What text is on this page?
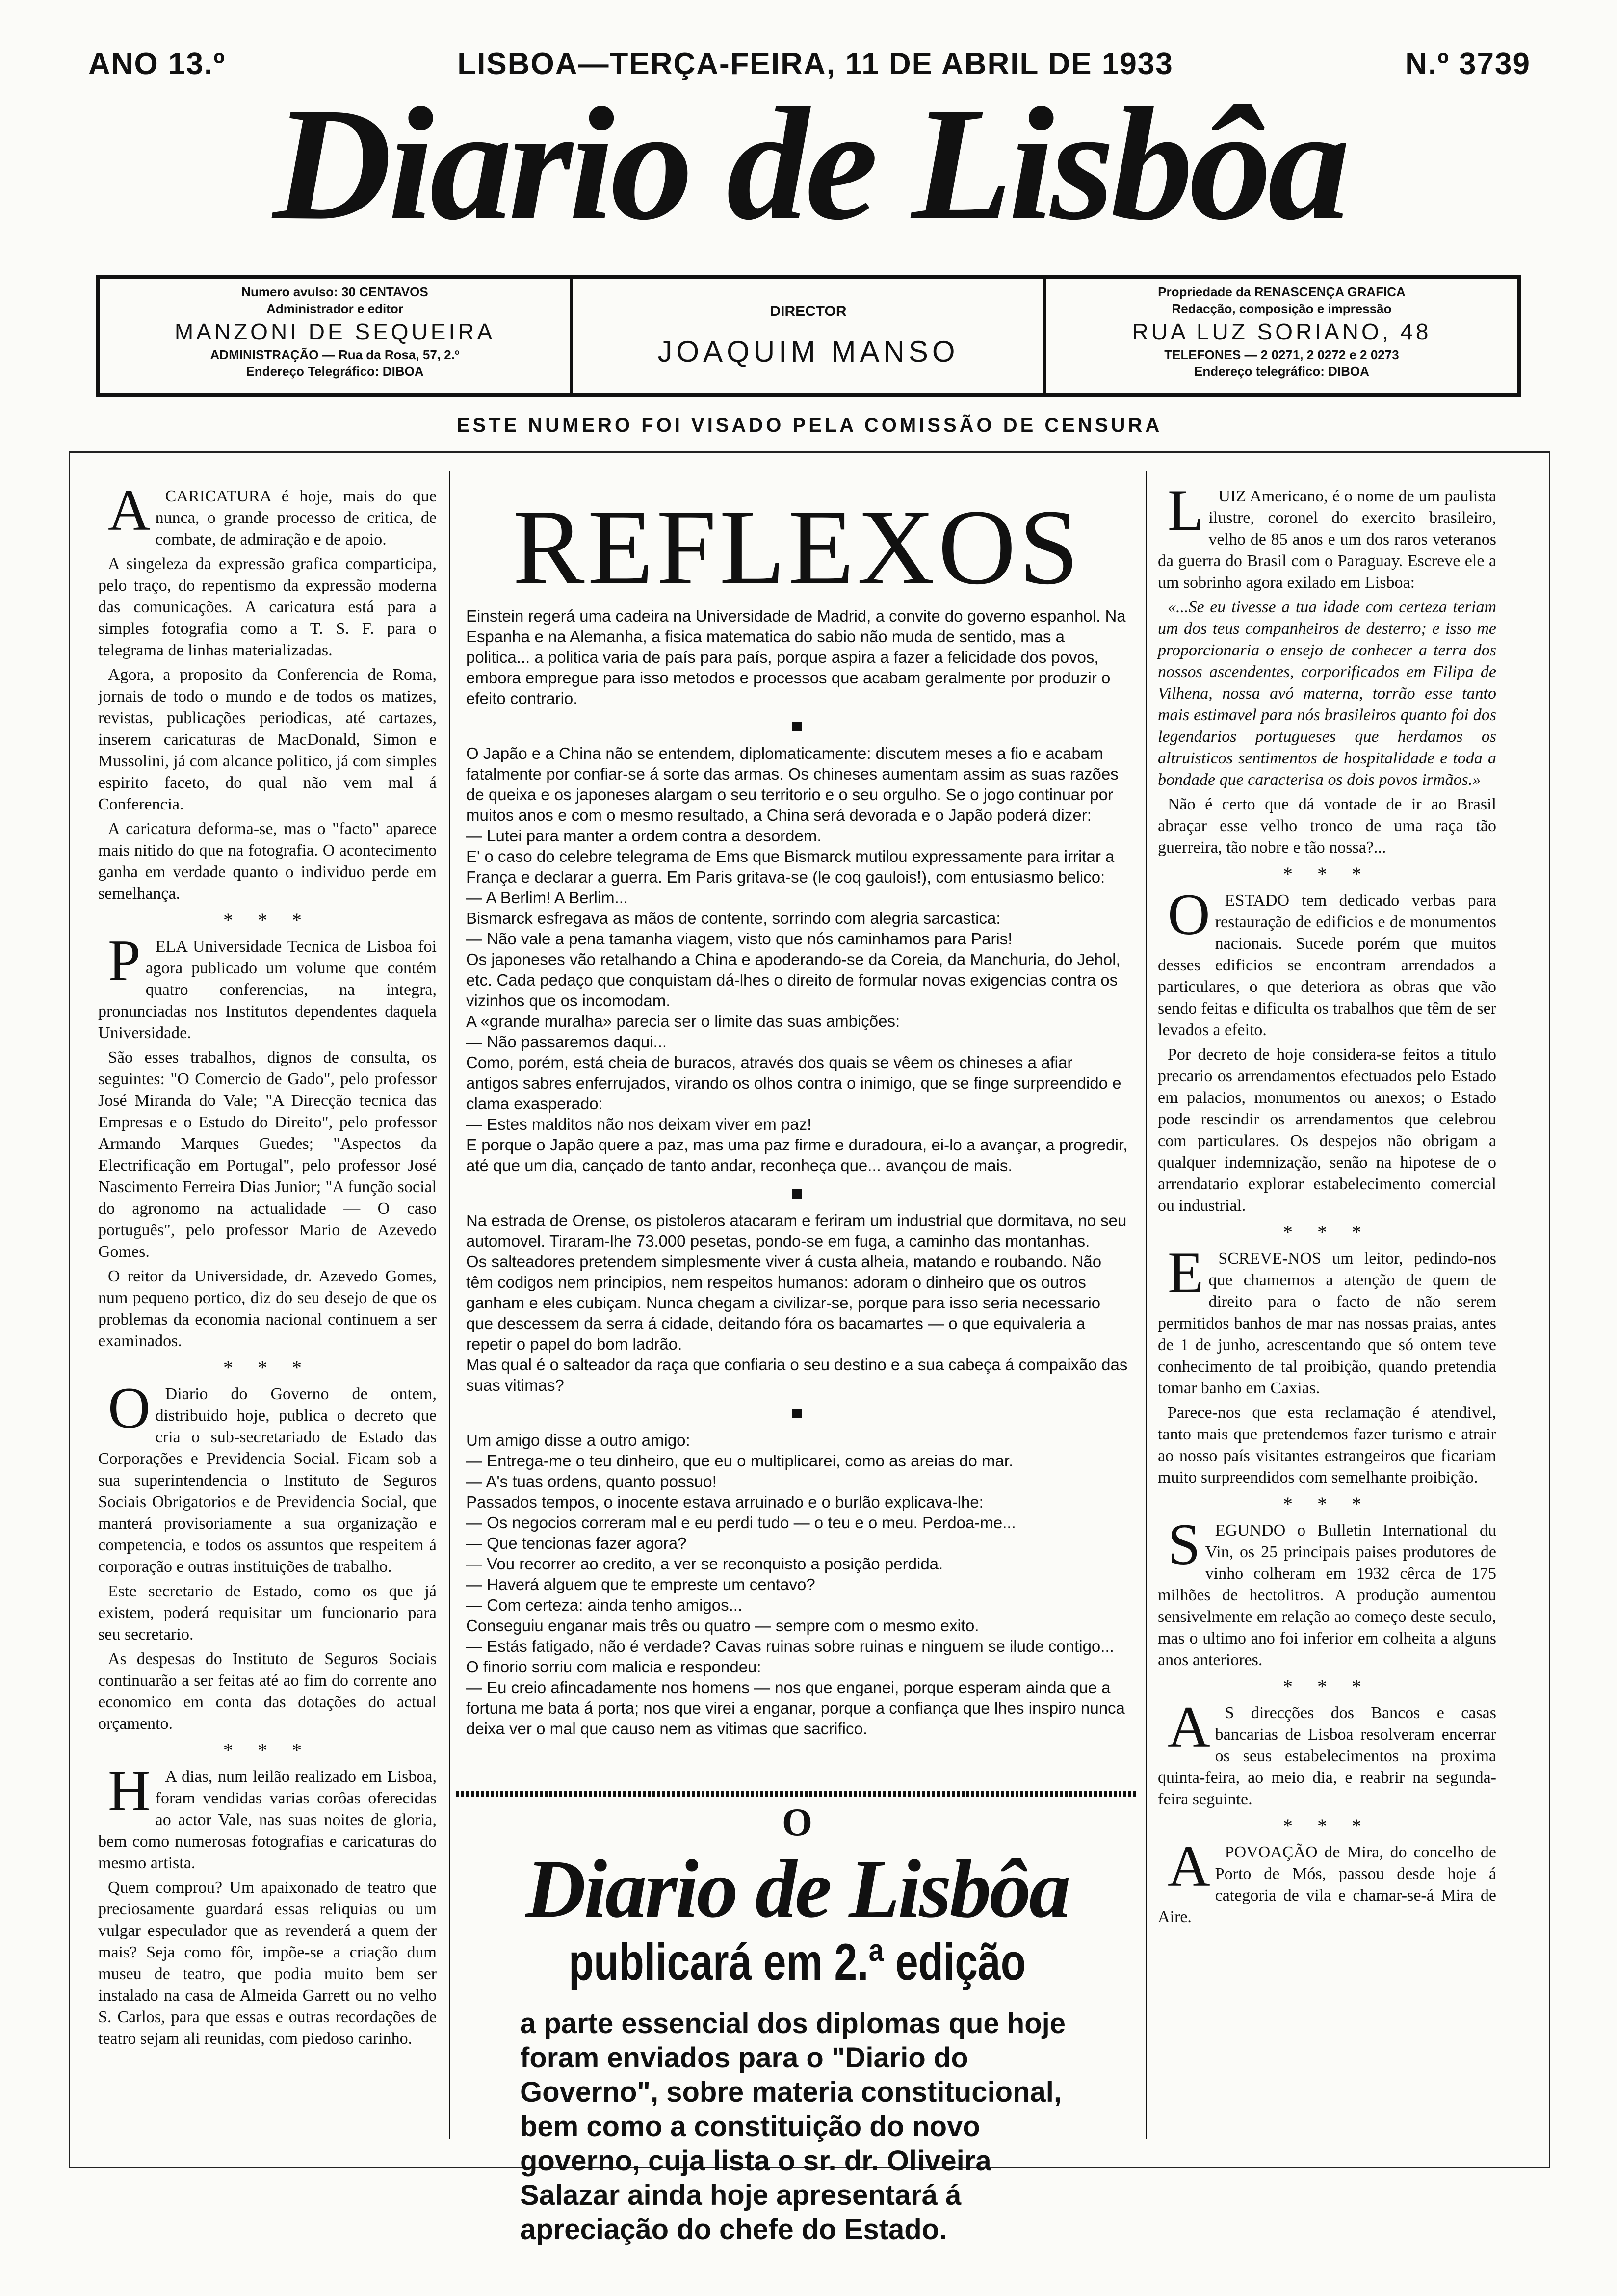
ANO 13.º	LISBOA—TERÇA-FEIRA, 11 DE ABRIL DE 1933	N.º 3739
Diario de Lisbôa
Numero avulso: 30 CENTAVOS
Administrador e editor
MANZONI DE SEQUEIRA
ADMINISTRAÇÃO — Rua da Rosa, 57, 2.º
Endereço Telegráfico: DIBOA
DIRECTOR
JOAQUIM MANSO
Propriedade da RENASCENÇA GRAFICA
Redacção, composição e impressão
RUA LUZ SORIANO, 48
TELEFONES — 2 0271, 2 0272 e 2 0273
Endereço telegráfico: DIBOA
ESTE NUMERO FOI VISADO PELA COMISSÃO DE CENSURA

ACARICATURA é hoje, mais do que nunca, o grande processo de critica, de combate, de admiração e de apoio.

A singeleza da expressão grafica comparticipa, pelo traço, do repentismo da expressão moderna das comunicações. A caricatura está para a simples fotografia como a T. S. F. para o telegrama de linhas materializadas.

Agora, a proposito da Conferencia de Roma, jornais de todo o mundo e de todos os matizes, revistas, publicações periodicas, até cartazes, inserem caricaturas de MacDonald, Simon e Mussolini, já com alcance politico, já com simples espirito faceto, do qual não vem mal á Conferencia.

A caricatura deforma-se, mas o "facto" aparece mais nitido do que na fotografia. O acontecimento ganha em verdade quanto o individuo perde em semelhança.

* * *

PELA Universidade Tecnica de Lisboa foi agora publicado um volume que contém quatro conferencias, na integra, pronunciadas nos Institutos dependentes daquela Universidade.

São esses trabalhos, dignos de consulta, os seguintes: "O Comercio de Gado", pelo professor José Miranda do Vale; "A Direcção tecnica das Empresas e o Estudo do Direito", pelo professor Armando Marques Guedes; "Aspectos da Electrificação em Portugal", pelo professor José Nascimento Ferreira Dias Junior; "A função social do agronomo na actualidade — O caso português", pelo professor Mario de Azevedo Gomes.

O reitor da Universidade, dr. Azevedo Gomes, num pequeno portico, diz do seu desejo de que os problemas da economia nacional continuem a ser examinados.

* * *

O Diario do Governo de ontem, distribuido hoje, publica o decreto que cria o sub-secretariado de Estado das Corporações e Previdencia Social. Ficam sob a sua superintendencia o Instituto de Seguros Sociais Obrigatorios e de Previdencia Social, que manterá provisoriamente a sua organização e competencia, e todos os assuntos que respeitem á corporação e outras instituições de trabalho.

Este secretario de Estado, como os que já existem, poderá requisitar um funcionario para seu secretario.

As despesas do Instituto de Seguros Sociais continuarão a ser feitas até ao fim do corrente ano economico em conta das dotações do actual orçamento.

* * *

H A dias, num leilão realizado em Lisboa, foram vendidas varias corôas oferecidas ao actor Vale, nas suas noites de gloria, bem como numerosas fotografias e caricaturas do mesmo artista.

Quem comprou? Um apaixonado de teatro que preciosamente guardará essas reliquias ou um vulgar especulador que as revenderá a quem der mais? Seja como fôr, impõe-se a criação dum museu de teatro, que podia muito bem ser instalado na casa de Almeida Garrett ou no velho S. Carlos, para que essas e outras recordações de teatro sejam ali reunidas, com piedoso carinho.

REFLEXOS

Einstein regerá uma cadeira na Universidade de Madrid, a convite do governo espanhol. Na Espanha e na Alemanha, a fisica matematica do sabio não muda de sentido, mas a politica... a politica varia de país para país, porque aspira a fazer a felicidade dos povos, embora empregue para isso metodos e processos que acabam geralmente por produzir o efeito contrario.

O Japão e a China não se entendem, diplomaticamente: discutem meses a fio e acabam fatalmente por confiar-se á sorte das armas. Os chineses aumentam assim as suas razões de queixa e os japoneses alargam o seu territorio e o seu orgulho. Se o jogo continuar por muitos anos e com o mesmo resultado, a China será devorada e o Japão poderá dizer:

— Lutei para manter a ordem contra a desordem.

E' o caso do celebre telegrama de Ems que Bismarck mutilou expressamente para irritar a França e declarar a guerra. Em Paris gritava-se (le coq gaulois!), com entusiasmo belico:

— A Berlim! A Berlim...

Bismarck esfregava as mãos de contente, sorrindo com alegria sarcastica:

— Não vale a pena tamanha viagem, visto que nós caminhamos para Paris!

Os japoneses vão retalhando a China e apoderando-se da Coreia, da Manchuria, do Jehol, etc. Cada pedaço que conquistam dá-lhes o direito de formular novas exigencias contra os vizinhos que os incomodam.

A «grande muralha» parecia ser o limite das suas ambições:

— Não passaremos daqui...

Como, porém, está cheia de buracos, através dos quais se vêem os chineses a afiar antigos sabres enferrujados, virando os olhos contra o inimigo, que se finge surpreendido e clama exasperado:

— Estes malditos não nos deixam viver em paz!

E porque o Japão quere a paz, mas uma paz firme e duradoura, ei-lo a avançar, a progredir, até que um dia, cançado de tanto andar, reconheça que... avançou de mais.

Na estrada de Orense, os pistoleros atacaram e feriram um industrial que dormitava, no seu automovel. Tiraram-lhe 73.000 pesetas, pondo-se em fuga, a caminho das montanhas.

Os salteadores pretendem simplesmente viver á custa alheia, matando e roubando. Não têm codigos nem principios, nem respeitos humanos: adoram o dinheiro que os outros ganham e eles cubiçam. Nunca chegam a civilizar-se, porque para isso seria necessario que descessem da serra á cidade, deitando fóra os bacamartes — o que equivaleria a repetir o papel do bom ladrão.

Mas qual é o salteador da raça que confiaria o seu destino e a sua cabeça á compaixão das suas vitimas?

Um amigo disse a outro amigo:

— Entrega-me o teu dinheiro, que eu o multiplicarei, como as areias do mar.

— A's tuas ordens, quanto possuo!

Passados tempos, o inocente estava arruinado e o burlão explicava-lhe:

— Os negocios correram mal e eu perdi tudo — o teu e o meu. Perdoa-me...

— Que tencionas fazer agora?

— Vou recorrer ao credito, a ver se reconquisto a posição perdida.

— Haverá alguem que te empreste um centavo?

— Com certeza: ainda tenho amigos...

Conseguiu enganar mais três ou quatro — sempre com o mesmo exito.

— Estás fatigado, não é verdade? Cavas ruinas sobre ruinas e ninguem se ilude contigo...

O finorio sorriu com malicia e respondeu:

— Eu creio afincadamente nos homens — nos que enganei, porque esperam ainda que a fortuna me bata á porta; nos que virei a enganar, porque a confiança que lhes inspiro nunca deixa ver o mal que causo nem as vitimas que sacrifico.

O
Diario de Lisbôa
publicará em 2.ª edição
a parte essencial dos diplomas que hoje foram enviados para o "Diario do Governo", sobre materia constitucional, bem como a constituição do novo governo, cuja lista o sr. dr. Oliveira Salazar ainda hoje apresentará á apreciação do chefe do Estado.

LUIZ Americano, é o nome de um paulista ilustre, coronel do exercito brasileiro, velho de 85 anos e um dos raros veteranos da guerra do Brasil com o Paraguay. Escreve ele a um sobrinho agora exilado em Lisboa:

«...Se eu tivesse a tua idade com certeza teriam um dos teus companheiros de desterro; e isso me proporcionaria o ensejo de conhecer a terra dos nossos ascendentes, corporificados em Filipa de Vilhena, nossa avó materna, torrão esse tanto mais estimavel para nós brasileiros quanto foi dos legendarios portugueses que herdamos os altruisticos sentimentos de hospitalidade e toda a bondade que caracterisa os dois povos irmãos.»

Não é certo que dá vontade de ir ao Brasil abraçar esse velho tronco de uma raça tão guerreira, tão nobre e tão nossa?...

* * *

OESTADO tem dedicado verbas para restauração de edificios e de monumentos nacionais. Sucede porém que muitos desses edificios se encontram arrendados a particulares, o que deteriora as obras que vão sendo feitas e dificulta os trabalhos que têm de ser levados a efeito.

Por decreto de hoje considera-se feitos a titulo precario os arrendamentos efectuados pelo Estado em palacios, monumentos ou anexos; o Estado pode rescindir os arrendamentos que celebrou com particulares. Os despejos não obrigam a qualquer indemnização, senão na hipotese de o arrendatario explorar estabelecimento comercial ou industrial.

* * *

ESCREVE-NOS um leitor, pedindo-nos que chamemos a atenção de quem de direito para o facto de não serem permitidos banhos de mar nas nossas praias, antes de 1 de junho, acrescentando que só ontem teve conhecimento de tal proibição, quando pretendia tomar banho em Caxias.

Parece-nos que esta reclamação é atendivel, tanto mais que pretendemos fazer turismo e atrair ao nosso país visitantes estrangeiros que ficariam muito surpreendidos com semelhante proibição.

* * *

SEGUNDO o Bulletin International du Vin, os 25 principais paises produtores de vinho colheram em 1932 cêrca de 175 milhões de hectolitros. A produção aumentou sensivelmente em relação ao começo deste seculo, mas o ultimo ano foi inferior em colheita a alguns anos anteriores.

* * *

A S direcções dos Bancos e casas bancarias de Lisboa resolveram encerrar os seus estabelecimentos na proxima quinta-feira, ao meio dia, e reabrir na segunda-feira seguinte.

* * *

APOVOAÇÃO de Mira, do concelho de Porto de Mós, passou desde hoje á categoria de vila e chamar-se-á Mira de Aire.
